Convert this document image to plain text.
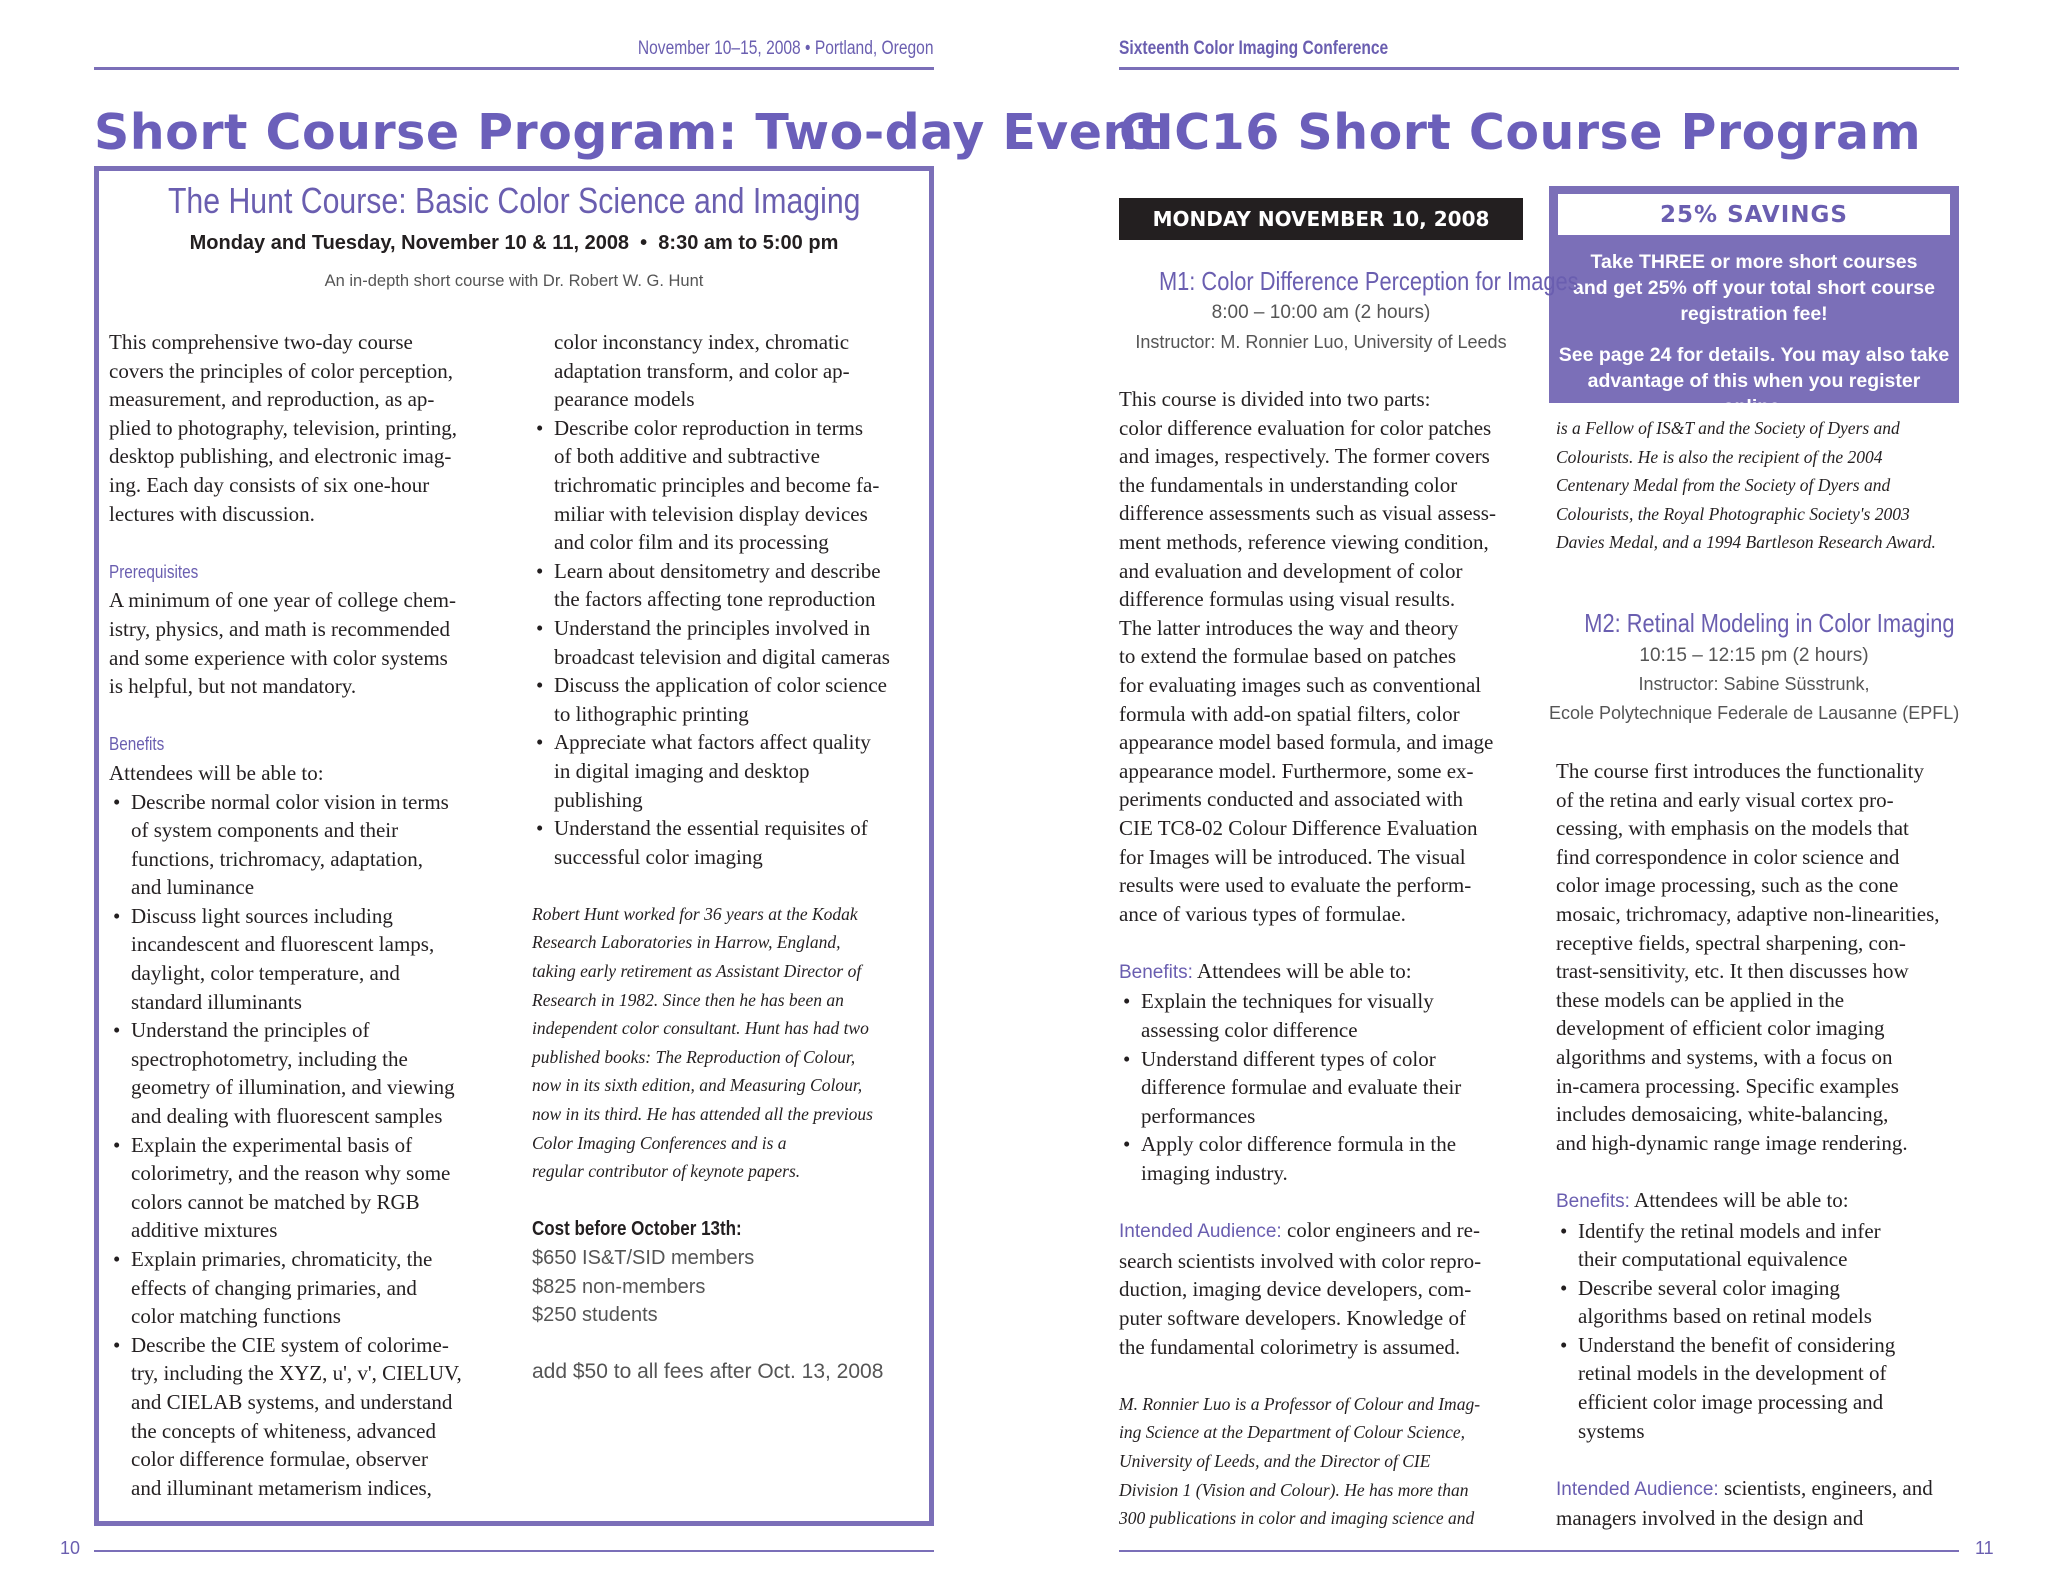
November 10–15, 2008 • Portland, Oregon
Short Course Program: Two-day Event
The Hunt Course: Basic Color Science and Imaging
Monday and Tuesday, November 10 & 11, 2008  •  8:30 am to 5:00 pm
An in-depth short course with Dr. Robert W. G. Hunt

This comprehensive two-day course

covers the principles of color perception,

measurement, and reproduction, as ap-

plied to photography, television, printing,

desktop publishing, and electronic imag-

ing. Each day consists of six one-hour

lectures with discussion.

Prerequisites

A minimum of one year of college chem-

istry, physics, and math is recommended

and some experience with color systems

is helpful, but not mandatory.

Benefits

Attendees will be able to:

• Describe normal color vision in terms
of system components and their
functions, trichromacy, adaptation,
and luminance
• Discuss light sources including
incandescent and fluorescent lamps,
daylight, color temperature, and
standard illuminants
• Understand the principles of
spectrophotometry, including the
geometry of illumination, and viewing
and dealing with fluorescent samples
• Explain the experimental basis of
colorimetry, and the reason why some
colors cannot be matched by RGB
additive mixtures
• Explain primaries, chromaticity, the
effects of changing primaries, and
color matching functions
• Describe the CIE system of colorime-
try, including the XYZ, u', v', CIELUV,
and CIELAB systems, and understand
the concepts of whiteness, advanced
color difference formulae, observer
and illuminant metamerism indices,

color inconstancy index, chromatic

adaptation transform, and color ap-

pearance models

• Describe color reproduction in terms
of both additive and subtractive
trichromatic principles and become fa-
miliar with television display devices
and color film and its processing
• Learn about densitometry and describe
the factors affecting tone reproduction
• Understand the principles involved in
broadcast television and digital cameras
• Discuss the application of color science
to lithographic printing
• Appreciate what factors affect quality
in digital imaging and desktop
publishing
• Understand the essential requisites of
successful color imaging
Robert Hunt worked for 36 years at the Kodak
Research Laboratories in Harrow, England,
taking early retirement as Assistant Director of
Research in 1982. Since then he has been an
independent color consultant. Hunt has had two
published books: The Reproduction of Colour,
now in its sixth edition, and Measuring Colour,
now in its third. He has attended all the previous
Color Imaging Conferences and is a
regular contributor of keynote papers.

Cost before October 13th:

$650 IS&T/SID members
$825 non-members
$250 students
add $50 to all fees after Oct. 13, 2008
10
Sixteenth Color Imaging Conference
CIC16 Short Course Program
MONDAY NOVEMBER 10, 2008	25% SAVINGS
Take THREE or more short courses
and get 25% off your total short course
registration fee!
See page 24 for details. You may also take
advantage of this when you register online.
M1: Color Difference Perception for Images
8:00 – 10:00 am (2 hours)
Instructor: M. Ronnier Luo, University of Leeds

This course is divided into two parts:

color difference evaluation for color patches

and images, respectively. The former covers

the fundamentals in understanding color

difference assessments such as visual assess-

ment methods, reference viewing condition,

and evaluation and development of color

difference formulas using visual results.

The latter introduces the way and theory

to extend the formulae based on patches

for evaluating images such as conventional

formula with add-on spatial filters, color

appearance model based formula, and image

appearance model. Furthermore, some ex-

periments conducted and associated with

CIE TC8-02 Colour Difference Evaluation

for Images will be introduced. The visual

results were used to evaluate the perform-

ance of various types of formulae.

Benefits: Attendees will be able to:

• Explain the techniques for visually
assessing color difference
• Understand different types of color
difference formulae and evaluate their
performances
• Apply color difference formula in the
imaging industry.

Intended Audience: color engineers and re-

search scientists involved with color repro-

duction, imaging device developers, com-

puter software developers. Knowledge of

the fundamental colorimetry is assumed.

M. Ronnier Luo is a Professor of Colour and Imag-
ing Science at the Department of Colour Science,
University of Leeds, and the Director of CIE
Division 1 (Vision and Colour). He has more than
300 publications in color and imaging science and
is a Fellow of IS&T and the Society of Dyers and
Colourists. He is also the recipient of the 2004
Centenary Medal from the Society of Dyers and
Colourists, the Royal Photographic Society's 2003
Davies Medal, and a 1994 Bartleson Research Award.
M2: Retinal Modeling in Color Imaging
10:15 – 12:15 pm (2 hours)
Instructor: Sabine Süsstrunk,
Ecole Polytechnique Federale de Lausanne (EPFL)

The course first introduces the functionality

of the retina and early visual cortex pro-

cessing, with emphasis on the models that

find correspondence in color science and

color image processing, such as the cone

mosaic, trichromacy, adaptive non-linearities,

receptive fields, spectral sharpening, con-

trast-sensitivity, etc. It then discusses how

these models can be applied in the

development of efficient color imaging

algorithms and systems, with a focus on

in-camera processing. Specific examples

includes demosaicing, white-balancing,

and high-dynamic range image rendering.

Benefits: Attendees will be able to:

• Identify the retinal models and infer
their computational equivalence
• Describe several color imaging
algorithms based on retinal models
• Understand the benefit of considering
retinal models in the development of
efficient color image processing and
systems

Intended Audience: scientists, engineers, and

managers involved in the design and

11
